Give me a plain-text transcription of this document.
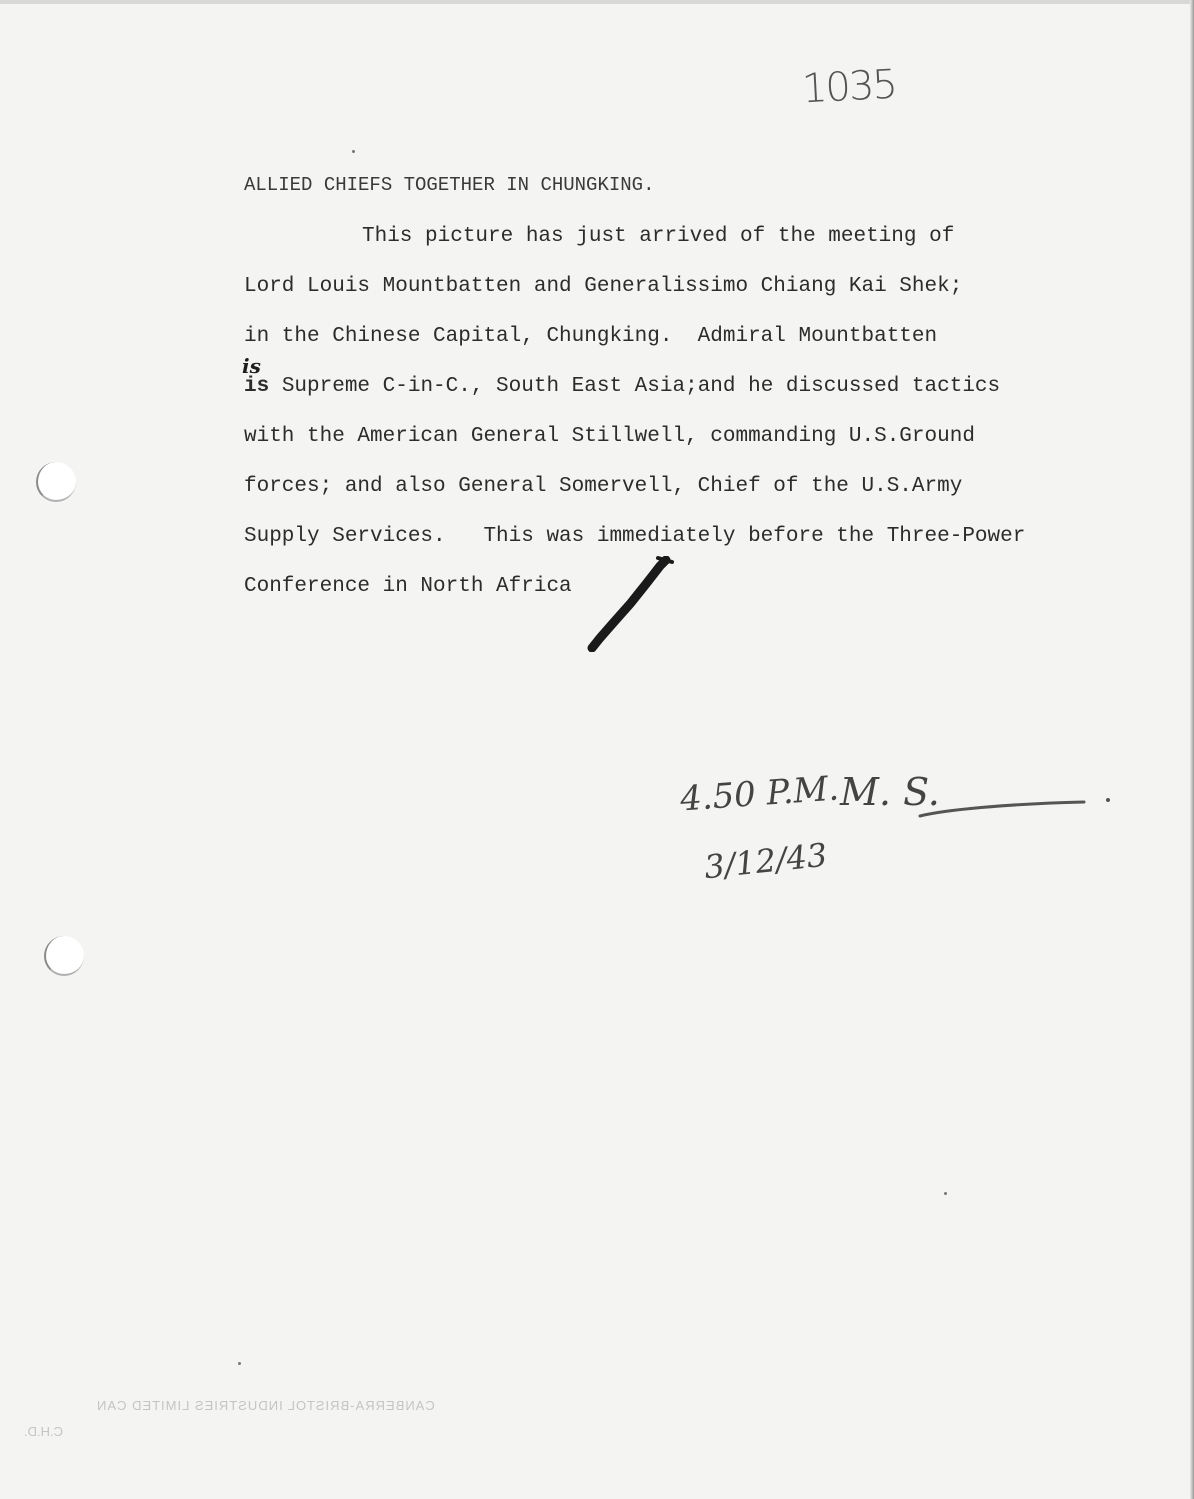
1035
ALLIED CHIEFS TOGETHER IN CHUNGKING.
This picture has just arrived of the meeting of
Lord Louis Mountbatten and Generalissimo Chiang Kai Shek;
in the Chinese Capital, Chungking.  Admiral Mountbatten
is
is Supreme C-in-C., South East Asia;and he discussed tactics
with the American General Stillwell, commanding U.S.Ground
forces; and also General Somervell, Chief of the U.S.Army
Supply Services.   This was immediately before the Three-Power
Conference in North Africa
4.50 P.M.
3/12/43
M. S.
CANBERRA-BRISTOL INDUSTRIES LIMITED CAN
C.H.D.
